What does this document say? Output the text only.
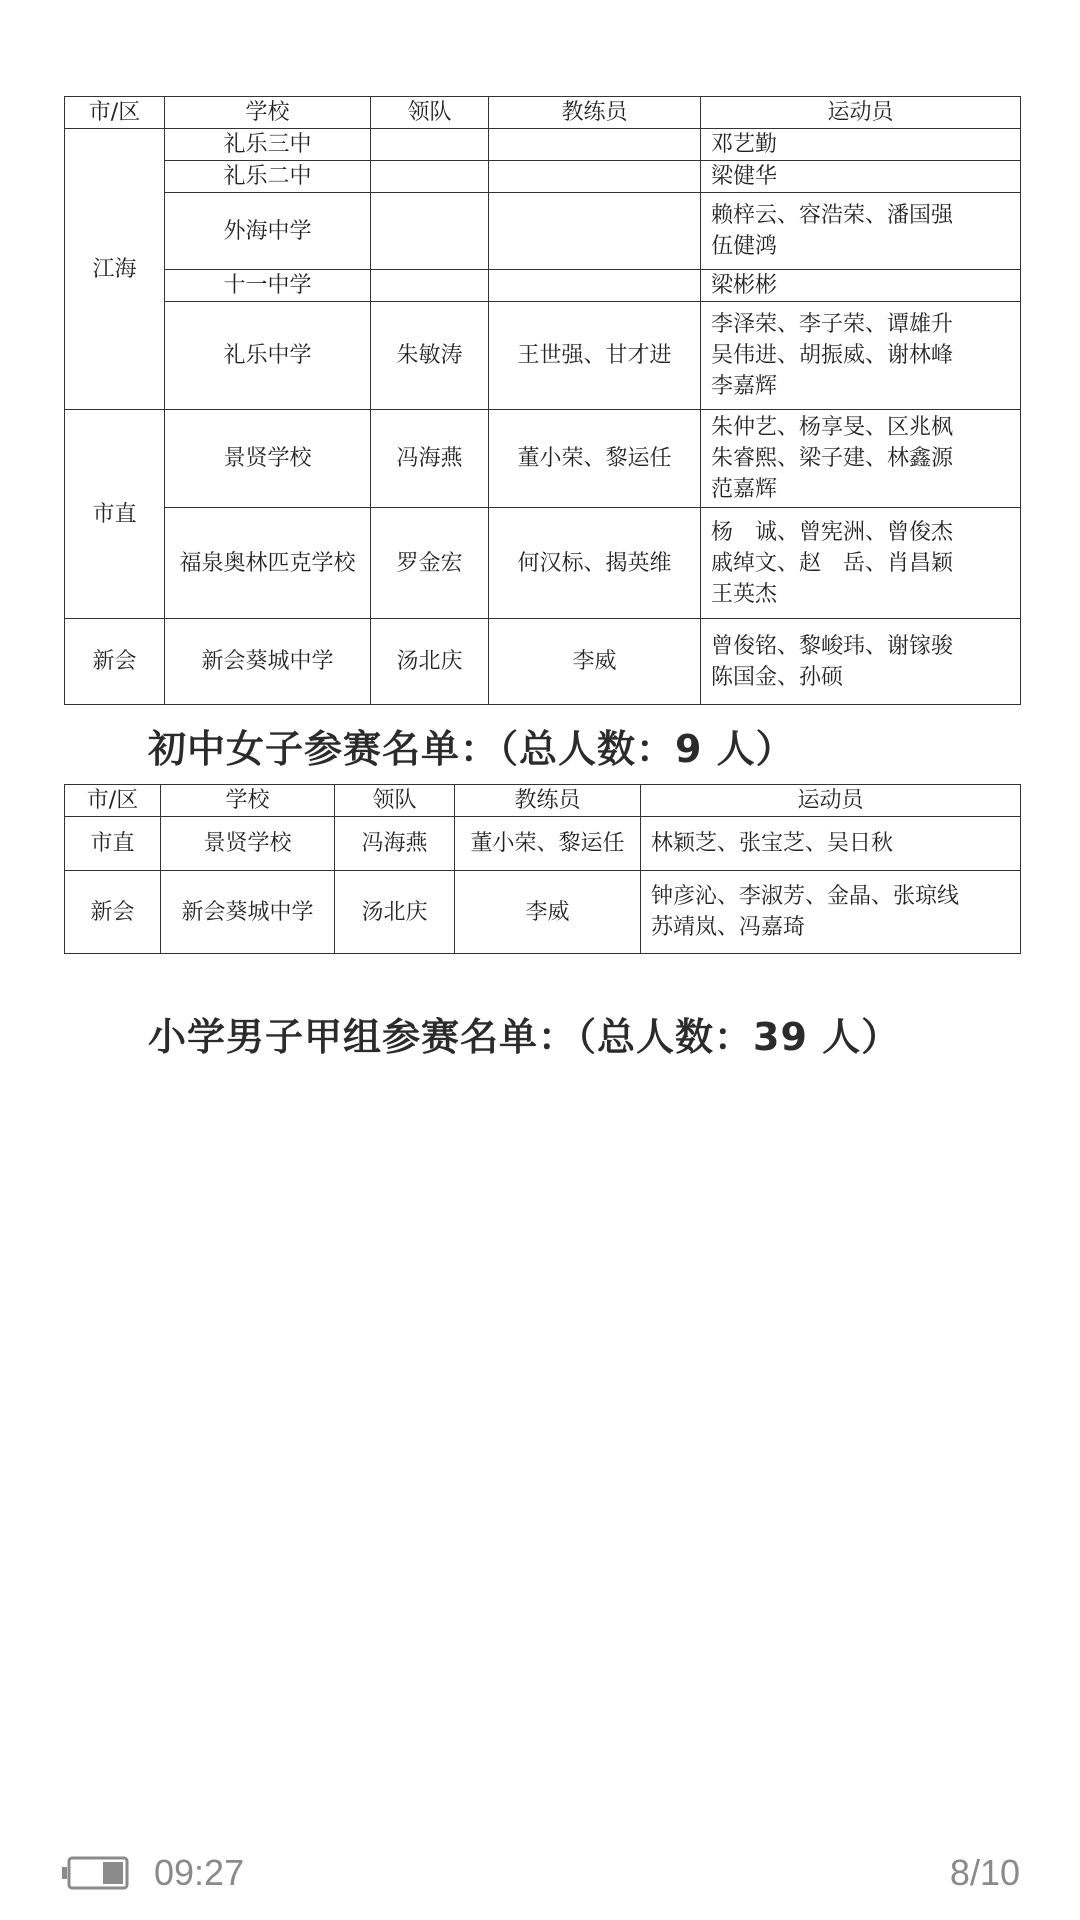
市/区	学校	领队	教练员	运动员
江海	礼乐三中			邓艺勤
	礼乐二中			梁健华
	外海中学			赖梓云、容浩荣、潘国强
伍健鸿
	十一中学			梁彬彬
	礼乐中学	朱敏涛	王世强、甘才进	李泽荣、李子荣、谭雄升
吴伟进、胡振威、谢林峰
李嘉辉
市直	景贤学校	冯海燕	董小荣、黎运任	朱仲艺、杨享旻、区兆枫
朱睿熙、梁子建、林鑫源
范嘉辉
	福泉奥林匹克学校	罗金宏	何汉标、揭英维	杨　诚、曾宪洲、曾俊杰
戚绰文、赵　岳、肖昌颖
王英杰
新会	新会葵城中学	汤北庆	李威	曾俊铭、黎峻玮、谢镓骏
陈国金、孙硕
初中女子参赛名单：（总人数：9 人）
市/区	学校	领队	教练员	运动员
市直	景贤学校	冯海燕	董小荣、黎运任	林颖芝、张宝芝、吴日秋
新会	新会葵城中学	汤北庆	李威	钟彦沁、李淑芳、金晶、张琼线
苏靖岚、冯嘉琦
小学男子甲组参赛名单：（总人数：39 人）
09:27	8/10
